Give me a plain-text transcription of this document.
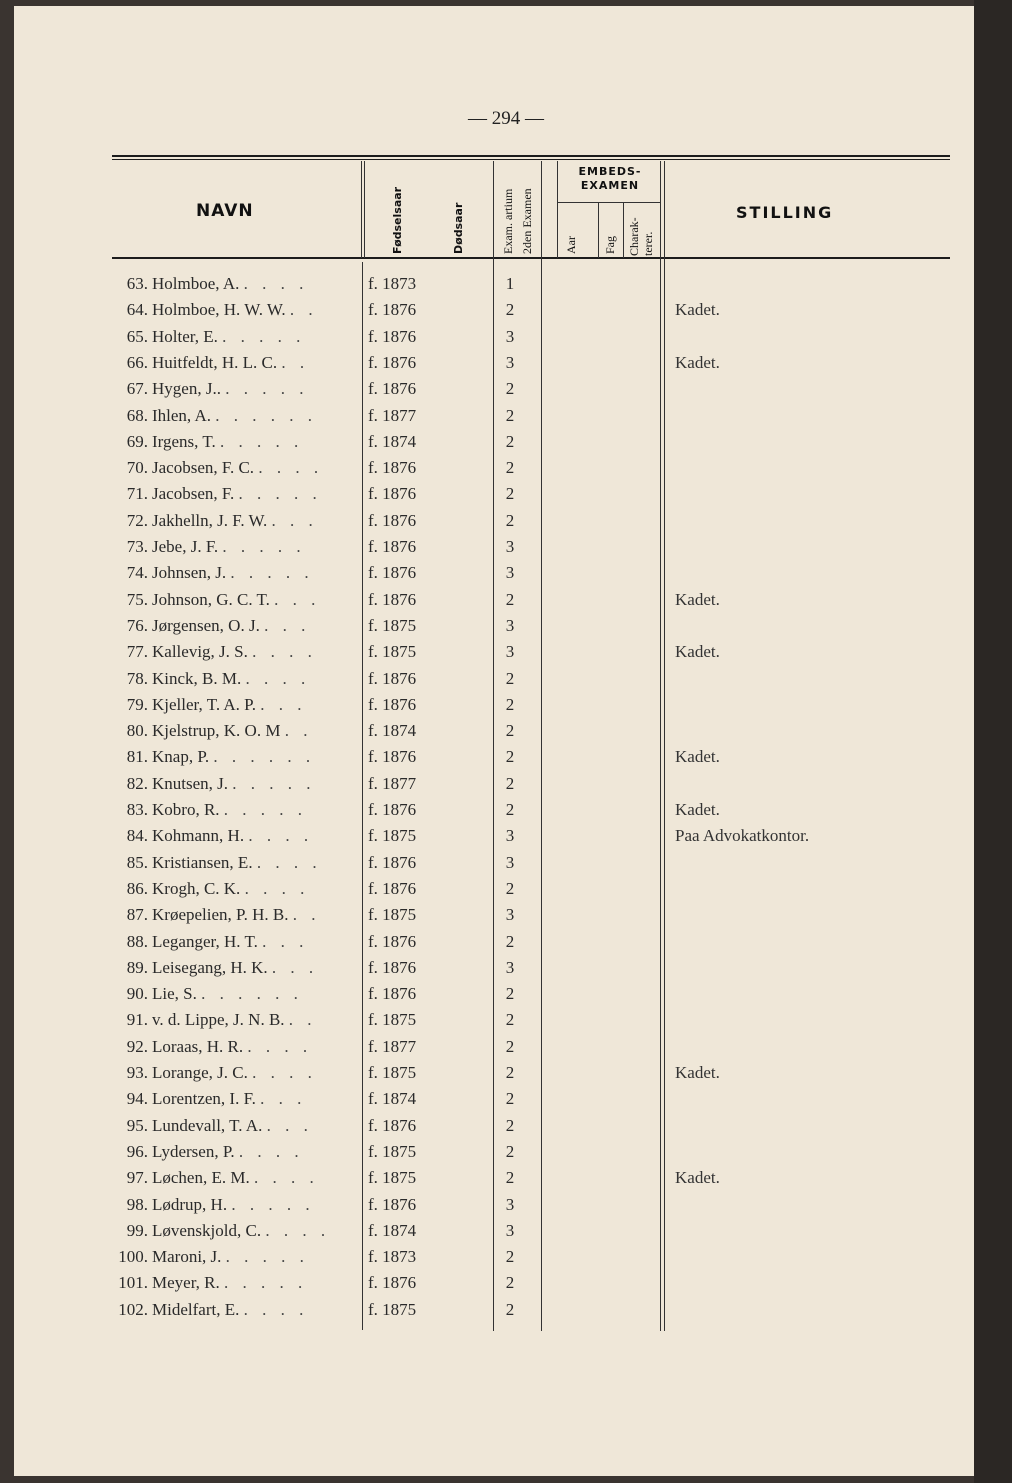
— 294 —
NAVN	Fødselsaar	Dødsaar	Exam. artium 2den Examen
EMBEDS-
EXAMEN
Aar Fag Charak- terer.
STILLING
63. Holmboe, A. . . . .	f. 1873	1
64. Holmboe, H. W. W. . .	f. 1876	2	Kadet.
65. Holter, E. . . . . .	f. 1876	3
66. Huitfeldt, H. L. C. . .	f. 1876	3	Kadet.
67. Hygen, J.. . . . . .	f. 1876	2
68. Ihlen, A. . . . . . .	f. 1877	2
69. Irgens, T. . . . . .	f. 1874	2
70. Jacobsen, F. C. . . . .	f. 1876	2
71. Jacobsen, F. . . . . .	f. 1876	2
72. Jakhelln, J. F. W. . . .	f. 1876	2
73. Jebe, J. F. . . . . .	f. 1876	3
74. Johnsen, J. . . . . .	f. 1876	3
75. Johnson, G. C. T. . . .	f. 1876	2	Kadet.
76. Jørgensen, O. J. . . .	f. 1875	3
77. Kallevig, J. S. . . . .	f. 1875	3	Kadet.
78. Kinck, B. M. . . . .	f. 1876	2
79. Kjeller, T. A. P. . . .	f. 1876	2
80. Kjelstrup, K. O. M . .	f. 1874	2
81. Knap, P. . . . . . .	f. 1876	2	Kadet.
82. Knutsen, J. . . . . .	f. 1877	2
83. Kobro, R. . . . . .	f. 1876	2	Kadet.
84. Kohmann, H. . . . .	f. 1875	3	Paa Advokatkontor.
85. Kristiansen, E. . . . .	f. 1876	3
86. Krogh, C. K. . . . .	f. 1876	2
87. Krøepelien, P. H. B. . .	f. 1875	3
88. Leganger, H. T. . . .	f. 1876	2
89. Leisegang, H. K. . . .	f. 1876	3
90. Lie, S. . . . . . .	f. 1876	2
91. v. d. Lippe, J. N. B. . .	f. 1875	2
92. Loraas, H. R. . . . .	f. 1877	2
93. Lorange, J. C. . . . .	f. 1875	2	Kadet.
94. Lorentzen, I. F. . . .	f. 1874	2
95. Lundevall, T. A. . . .	f. 1876	2
96. Lydersen, P. . . . .	f. 1875	2
97. Løchen, E. M. . . . .	f. 1875	2	Kadet.
98. Lødrup, H. . . . . .	f. 1876	3
99. Løvenskjold, C. . . . .	f. 1874	3
100. Maroni, J. . . . . .	f. 1873	2
101. Meyer, R. . . . . .	f. 1876	2
102. Midelfart, E. . . . .	f. 1875	2
